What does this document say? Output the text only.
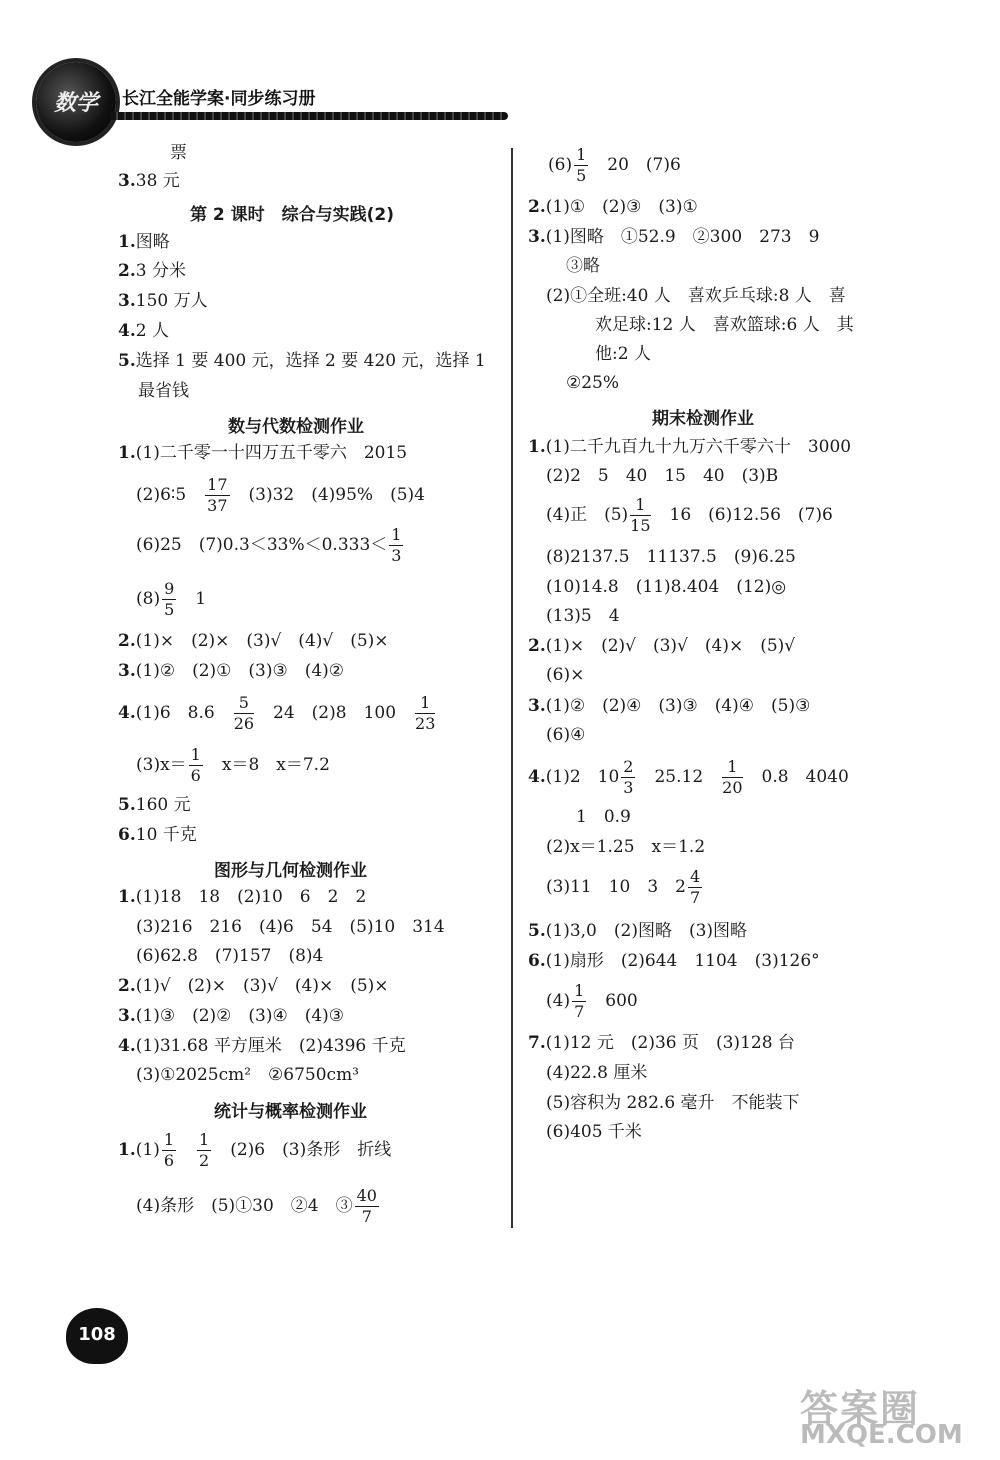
数学	长江全能学案·同步练习册
票
3.38 元
第 2 课时　综合与实践(2)
1.图略
2.3 分米
3.150 万人
4.2 人
5.选择 1 要 400 元，选择 2 要 420 元，选择 1
最省钱
数与代数检测作业
1.(1)二千零一十四万五千零六　2015
(2)6∶5　 $\frac{17}{37}$
　 (3)32　(4)95%　(5)4
(6)25　$(7)0.3<33\%<0.333< \frac{1}{3}$
$(8) \frac{9}{5}$
　 1
2.(1)×　(2)×　(3)√　(4)√　(5)×
3.(1)②　(2)①　(3)③　(4)②
4.(1)6　8.6　 $\frac{5}{26}$
　 24　(2)8　100　 $\frac{1}{23}$
$(3)x= \frac{1}{6}$
　 x＝8　x＝7.2
5.160 元
6.10 千克
图形与几何检测作业
1.(1)18　18　(2)10　6　2　2
(3)216　216　(4)6　54　(5)10　314
(6)62.8　(7)157　(8)4
2.(1)√　(2)×　(3)√　(4)×　(5)×
3.(1)③　(2)②　(3)④　(4)③
4.(1)31.68 平方厘米　(2)4396 千克
(3)①2025cm²　②6750cm³
统计与概率检测作业
$1.(1) \frac{1}{6}$
　 $\frac{1}{2}$
　 (2)6　(3)条形　折线
(4)条形　(5)①30　②4　③ $\frac{40}{7}$
$(6) \frac{1}{5}$
　 20　(7)6
2.(1)①　(2)③　(3)①
3.(1)图略　①52.9　②300　273　9
③略
(2)①全班:40 人　喜欢乒乓球:8 人　喜
欢足球:12 人　喜欢篮球:6 人　其
他:2 人
②25%
期末检测作业
1.(1)二千九百九十九万六千零六十　3000
(2)2　5　40　15　40　(3)B
(4)正　$(5) \frac{1}{15}$
　 16　(6)12.56　(7)6
(8)2137.5　11137.5　(9)6.25
(10)14.8　(11)8.404　(12)◎
(13)5　4
2.(1)×　(2)√　(3)√　(4)×　(5)√
(6)×
3.(1)②　(2)④　(3)③　(4)④　(5)③
(6)④
4.(1)2　$10 \frac{2}{3}$
　 25.12　 $\frac{1}{20}$
　 0.8　4040
1　0.9
(2)x＝1.25　x＝1.2
(3)11　10　3　$2 \frac{4}{7}$
5.(1)3,0　(2)图略　(3)图略
6.(1)扇形　(2)644　1104　(3)126°
$(4) \frac{1}{7}$
　 600
7.(1)12 元　(2)36 页　(3)128 台
(4)22.8 厘米
(5)容积为 282.6 毫升　不能装下
(6)405 千米
108
答案圈
MXQE.COM
